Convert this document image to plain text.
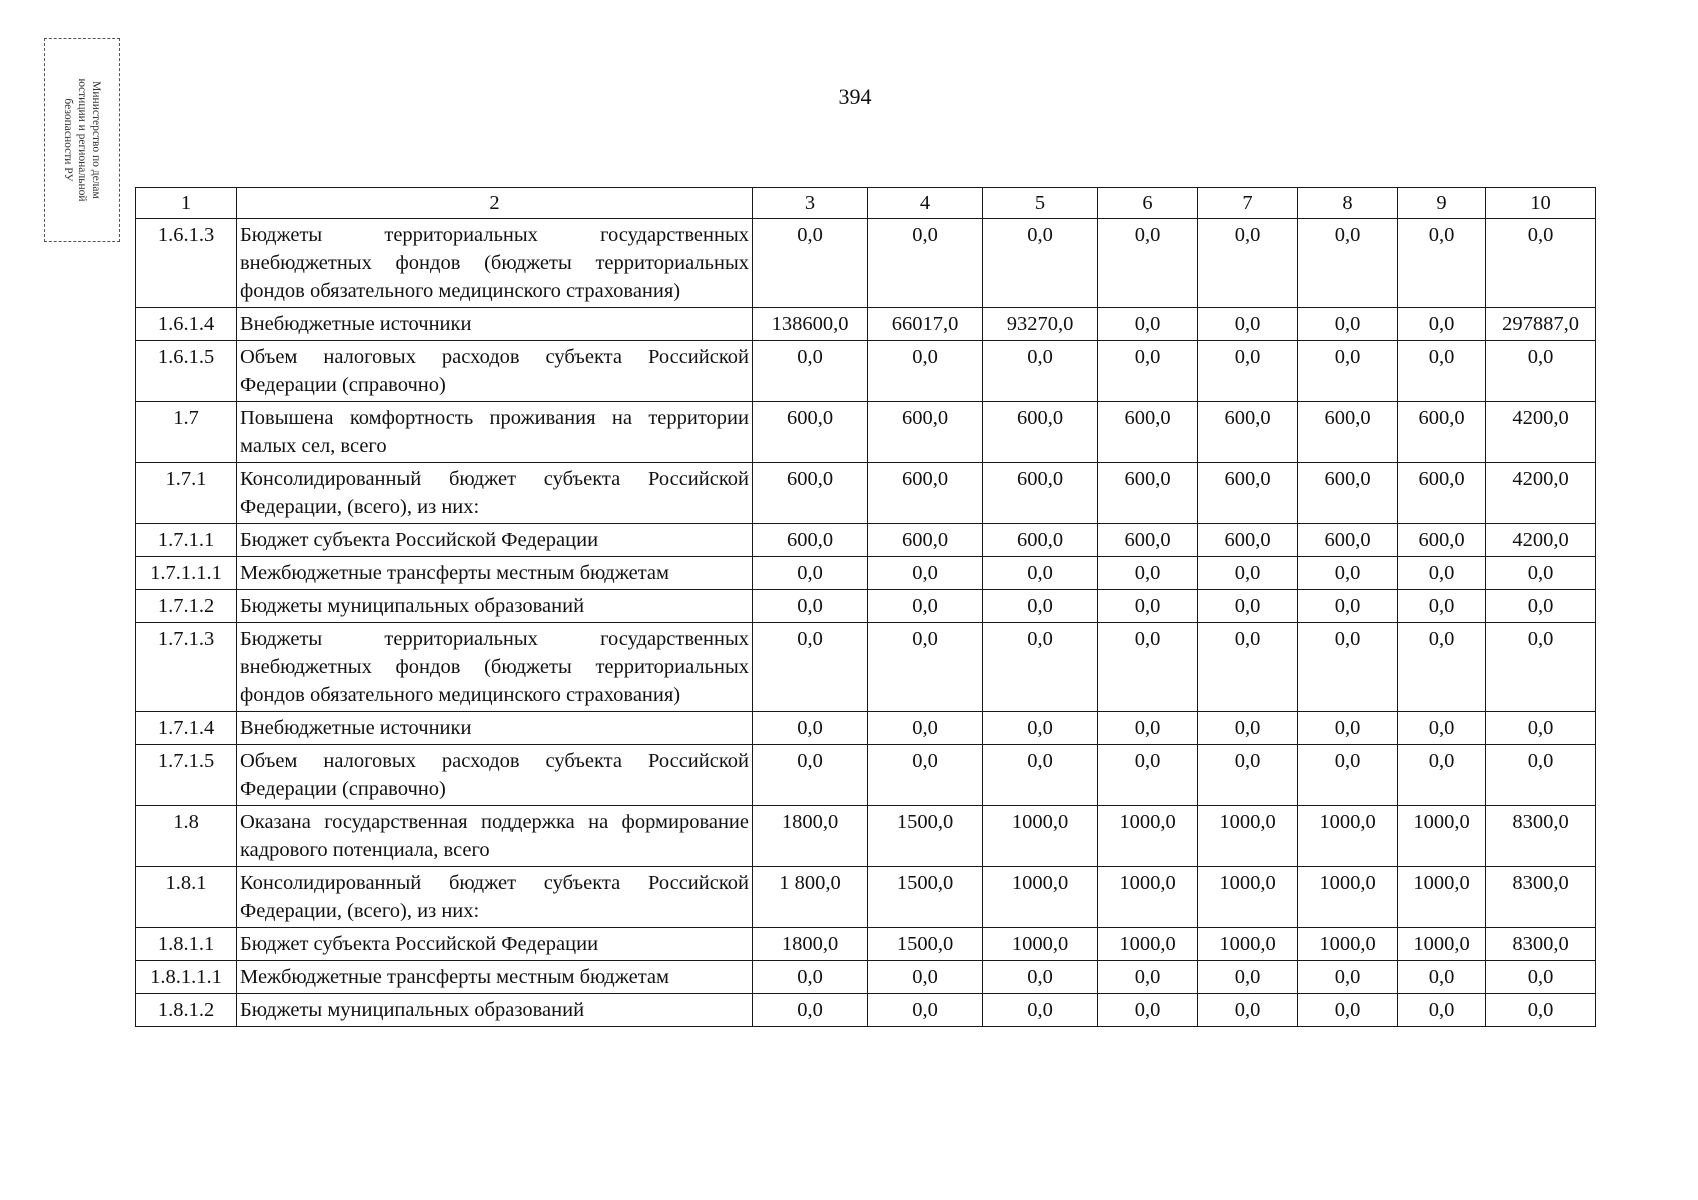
Министерство по делам
юстиции и региональной
безопасности РУ
394
1	2	3	4	5	6	7	8	9	10
1.6.1.3	Бюджеты территориальных государственных внебюджетных фондов (бюджеты территориальных фондов обязательного медицинского страхования)	0,0	0,0	0,0	0,0	0,0	0,0	0,0	0,0
1.6.1.4	Внебюджетные источники	138600,0	66017,0	93270,0	0,0	0,0	0,0	0,0	297887,0
1.6.1.5	Объем налоговых расходов субъекта Российской Федерации (справочно)	0,0	0,0	0,0	0,0	0,0	0,0	0,0	0,0
1.7	Повышена комфортность проживания на территории малых сел, всего	600,0	600,0	600,0	600,0	600,0	600,0	600,0	4200,0
1.7.1	Консолидированный бюджет субъекта Российской Федерации, (всего), из них:	600,0	600,0	600,0	600,0	600,0	600,0	600,0	4200,0
1.7.1.1	Бюджет субъекта Российской Федерации	600,0	600,0	600,0	600,0	600,0	600,0	600,0	4200,0
1.7.1.1.1	Межбюджетные трансферты местным бюджетам	0,0	0,0	0,0	0,0	0,0	0,0	0,0	0,0
1.7.1.2	Бюджеты муниципальных образований	0,0	0,0	0,0	0,0	0,0	0,0	0,0	0,0
1.7.1.3	Бюджеты территориальных государственных внебюджетных фондов (бюджеты территориальных фондов обязательного медицинского страхования)	0,0	0,0	0,0	0,0	0,0	0,0	0,0	0,0
1.7.1.4	Внебюджетные источники	0,0	0,0	0,0	0,0	0,0	0,0	0,0	0,0
1.7.1.5	Объем налоговых расходов субъекта Российской Федерации (справочно)	0,0	0,0	0,0	0,0	0,0	0,0	0,0	0,0
1.8	Оказана государственная поддержка на формирование кадрового потенциала, всего	1800,0	1500,0	1000,0	1000,0	1000,0	1000,0	1000,0	8300,0
1.8.1	Консолидированный бюджет субъекта Российской Федерации, (всего), из них:	1 800,0	1500,0	1000,0	1000,0	1000,0	1000,0	1000,0	8300,0
1.8.1.1	Бюджет субъекта Российской Федерации	1800,0	1500,0	1000,0	1000,0	1000,0	1000,0	1000,0	8300,0
1.8.1.1.1	Межбюджетные трансферты местным бюджетам	0,0	0,0	0,0	0,0	0,0	0,0	0,0	0,0
1.8.1.2	Бюджеты муниципальных образований	0,0	0,0	0,0	0,0	0,0	0,0	0,0	0,0
